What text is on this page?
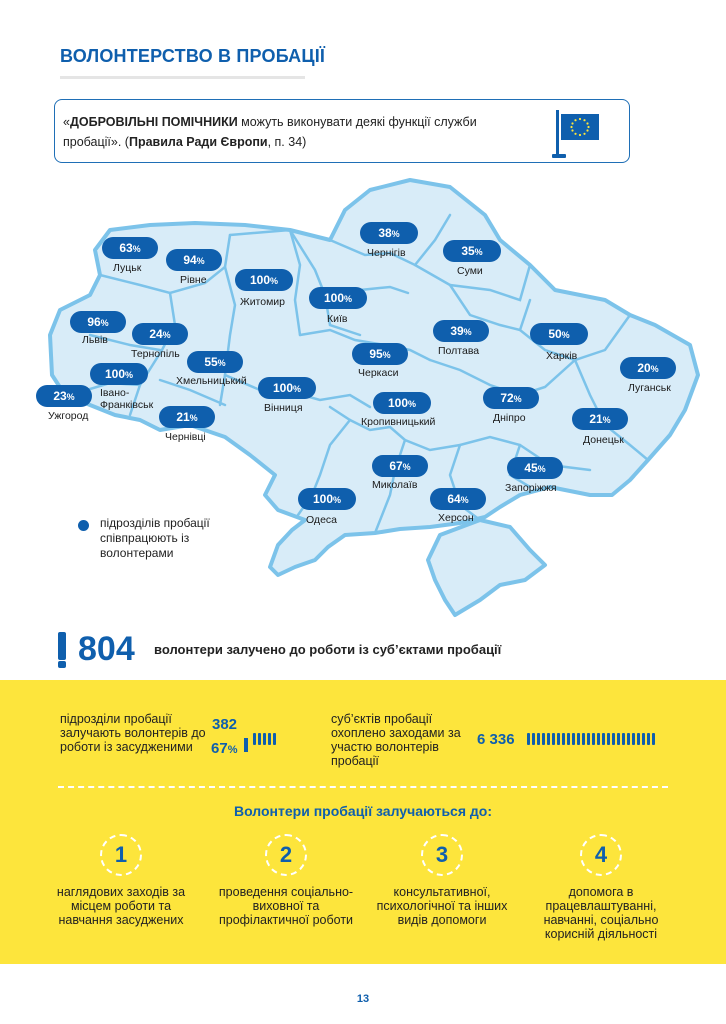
ВОЛОНТЕРСТВО В ПРОБАЦІЇ
«ДОБРОВІЛЬНІ ПОМІЧНИКИ можуть виконувати деякі функції служби пробації». (Правила Ради Європи, п. 34)
63%
Луцьк
94%
Рівне	100%
Житомир	100%
Київ
38%
Чернігів	35%
Суми
96%
Львів	24%
Тернопіль
55%
Хмельницький
100%
Івано-Франківськ
23%
Ужгород	21%
Чернівці
100%
Вінниця
95%
Черкаси
39%
Полтава
50%
Харків
20%
Луганськ
100%
Кропивницький
72%
Дніпро	21%
Донецьк
67%
Миколаїв
45%
Запоріжжя
100%
Одеса
64%
Херсон
підрозділів пробації співпрацюють із волонтерами
804 волонтери залучено до роботи із суб’єктами пробації
підрозділи пробації залучають волонтерів до роботи із засудженими
382
67%
суб’єктів пробації охоплено заходами за участю волонтерів пробації
6 336
Волонтери пробації залучаються до:
1
наглядових заходів за місцем роботи та навчання засуджених
2
проведення соціально-виховної та профілактичної роботи
3
консультативної, психологічної та інших видів допомоги
4
допомога в працевлаштуванні, навчанні, соціально корисній діяльності
13
